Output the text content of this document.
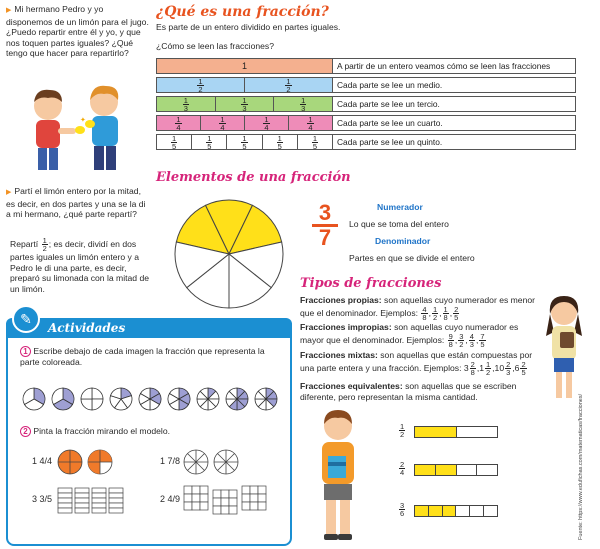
▶ Mi hermano Pedro y yo disponemos de un limón para el jugo. ¿Puedo repartir entre él y yo, y que nos toquen partes iguales? ¿Qué tengo que hacer para repartirlo?
✦
▶ Partí el limón entero por la mitad, es decir, en dos partes y una se la di a mi hermano, ¿qué parte repartí?
Repartí $\frac{1}{2}$ ; es decir, dividí en dos partes iguales un limón entero y a Pedro le di una parte, es decir, preparó su limonada con la mitad de un limón.
¿Qué es una fracción?
Es parte de un entero dividido en partes iguales.
¿Cómo se leen las fracciones?
1	A partir de un entero veamos cómo se leen las fracciones
$\frac{1}{2}$	$\frac{1}{2}$	Cada parte se lee un medio.
$\frac{1}{3}$	$\frac{1}{3}$	$\frac{1}{3}$	Cada parte se lee un tercio.
$\frac{1}{4}$	$\frac{1}{4}$	$\frac{1}{4}$	$\frac{1}{4}$	Cada parte se lee un cuarto.
$\frac{1}{5}$	$\frac{1}{5}$	$\frac{1}{5}$	$\frac{1}{5}$	$\frac{1}{5}$	Cada parte se lee un quinto.
Elementos de una fracción
$\frac{3}{7}$	Numerador
Lo que se toma del entero
Denominador
Partes en que se divide el entero
Tipos de fracciones
Fracciones propias: son aquellas cuyo numerador es menor que el denominador. Ejemplos: $\frac{4}{8}$ , $\frac{1}{2}$ , $\frac{1}{8}$ , $\frac{2}{5}$
Fracciones impropias: son aquellas cuyo numerador es mayor que el denominador. Ejemplos: $\frac{9}{8}$ , $\frac{3}{2}$ , $\frac{4}{3}$ , $\frac{7}{5}$
Fracciones mixtas: son aquellas que están compuestas por una parte entera y una fracción. Ejemplos: $3 \frac{2}{8} ,1 \frac{1}{2} ,10 \frac{2}{3} ,6 \frac{2}{5}$
Fracciones equivalentes: son aquellas que se escriben diferente, pero representan la misma cantidad.
$\frac{1}{2}$
$\frac{2}{4}$
$\frac{3}{6}$	Fuente: https://www.edufichas.com/matematicas/fracciones/
✎
Actividades
1 Escribe debajo de cada imagen la fracción que representa la parte coloreada.
2 Pinta la fracción mirando el modelo.
1 4/4	1 7/8
3 3/5	2 4/9
